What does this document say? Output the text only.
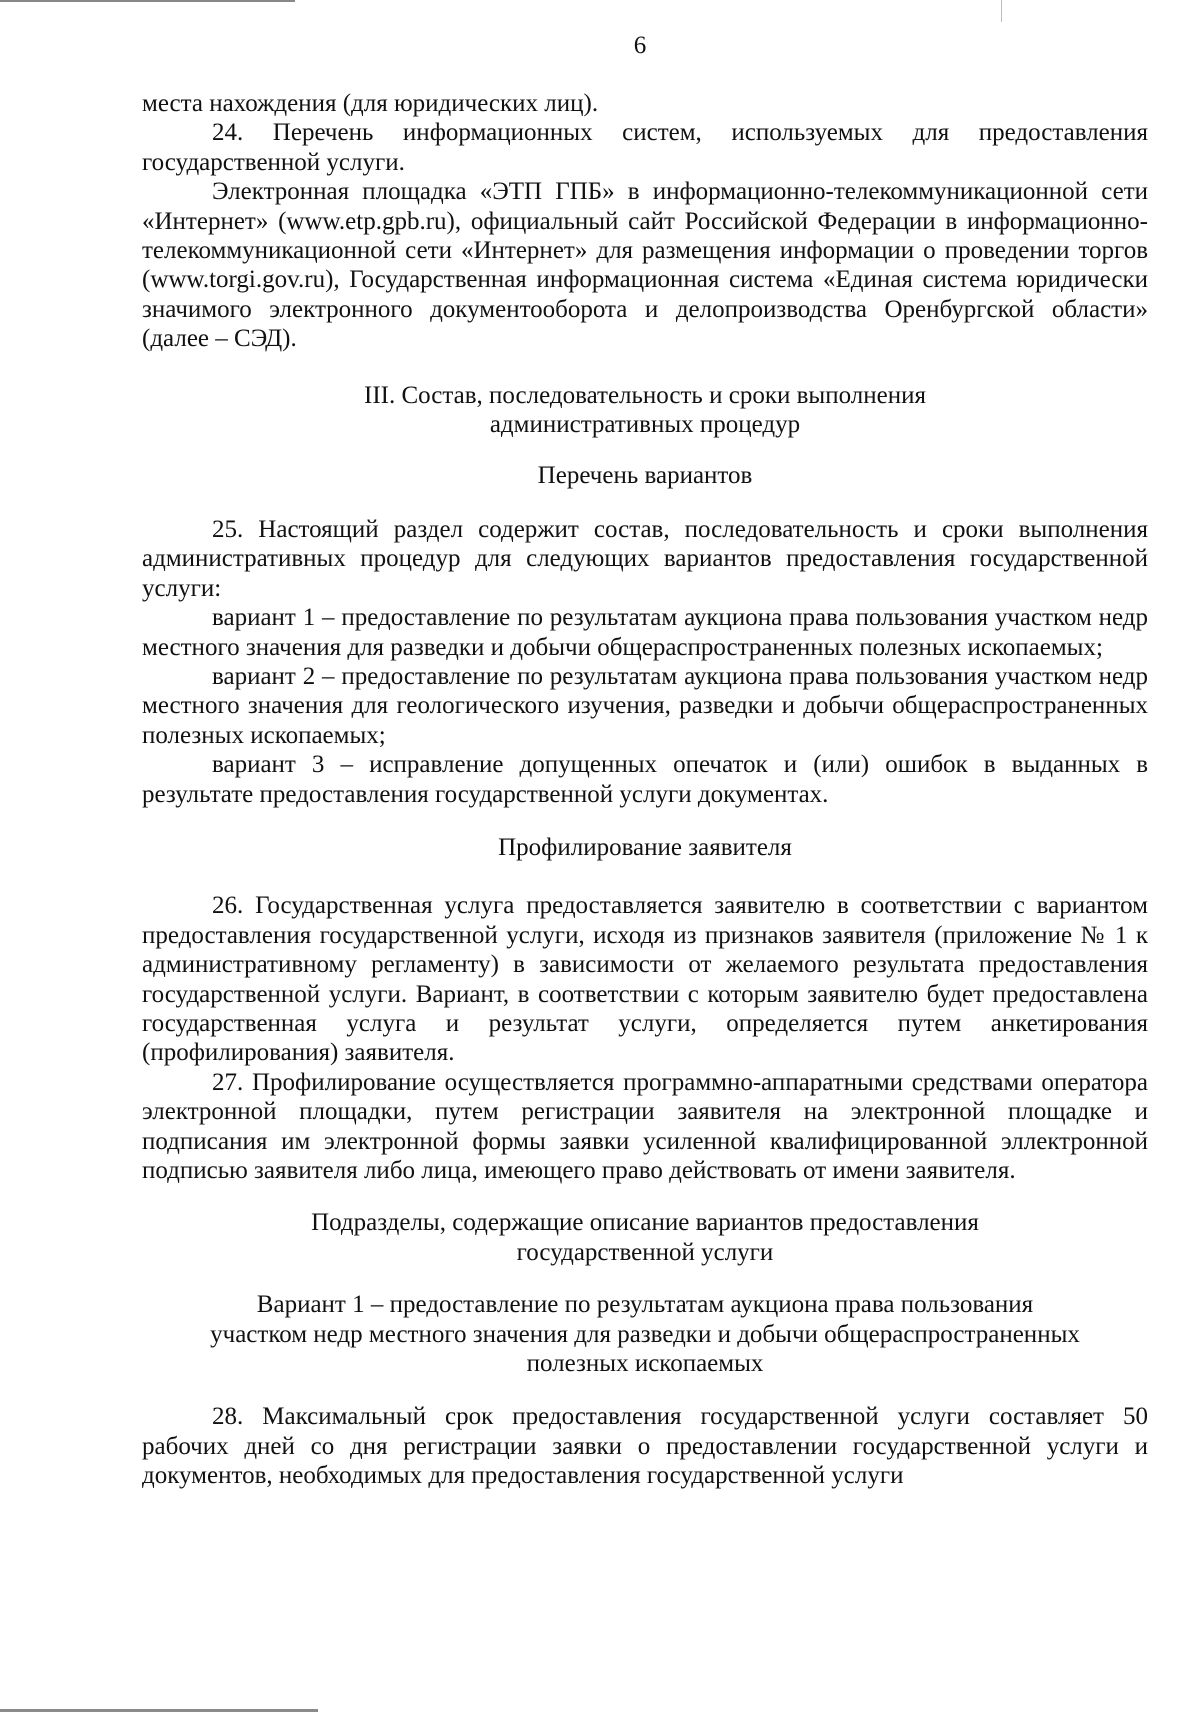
6

места нахождения (для юридических лиц).

24. Перечень информационных систем, используемых для предоставления государственной услуги.

Электронная площадка «ЭТП ГПБ» в информационно-телекоммуникационной сети «Интернет» (www.etp.gpb.ru), официальный сайт Российской Федерации в информационно-телекоммуникационной сети «Интернет» для размещения информации о проведении торгов (www.torgi.gov.ru), Государственная информационная система «Единая система юридически значимого электронного документооборота и делопроизводства Оренбургской области» (далее – СЭД).

III. Состав, последовательность и сроки выполнения

административных процедур

Перечень вариантов

25. Настоящий раздел содержит состав, последовательность и сроки выполнения административных процедур для следующих вариантов предоставления государственной услуги:

вариант 1 – предоставление по результатам аукциона права пользования участком недр местного значения для разведки и добычи общераспространенных полезных ископаемых;

вариант 2 – предоставление по результатам аукциона права пользования участком недр местного значения для геологического изучения, разведки и добычи общераспространенных полезных ископаемых;

вариант 3 – исправление допущенных опечаток и (или) ошибок в выданных в результате предоставления государственной услуги документах.

Профилирование заявителя

26. Государственная услуга предоставляется заявителю в соответствии с вариантом предоставления государственной услуги, исходя из признаков заявителя (приложение № 1 к административному регламенту) в зависимости от желаемого результата предоставления государственной услуги. Вариант, в соответствии с которым заявителю будет предоставлена государственная услуга и результат услуги, определяется путем анкетирования (профилирования) заявителя.

27. Профилирование осуществляется программно-аппаратными средствами оператора электронной площадки, путем регистрации заявителя на электронной площадке и подписания им электронной формы заявки усиленной квалифицированной эллектронной подписью заявителя либо лица, имеющего право действовать от имени заявителя.

Подразделы, содержащие описание вариантов предоставления

государственной услуги

Вариант 1 – предоставление по результатам аукциона права пользования

участком недр местного значения для разведки и добычи общераспространенных

полезных ископаемых

28. Максимальный срок предоставления государственной услуги составляет 50 рабочих дней со дня регистрации заявки о предоставлении государственной услуги и документов, необходимых для предоставления государственной услуги
